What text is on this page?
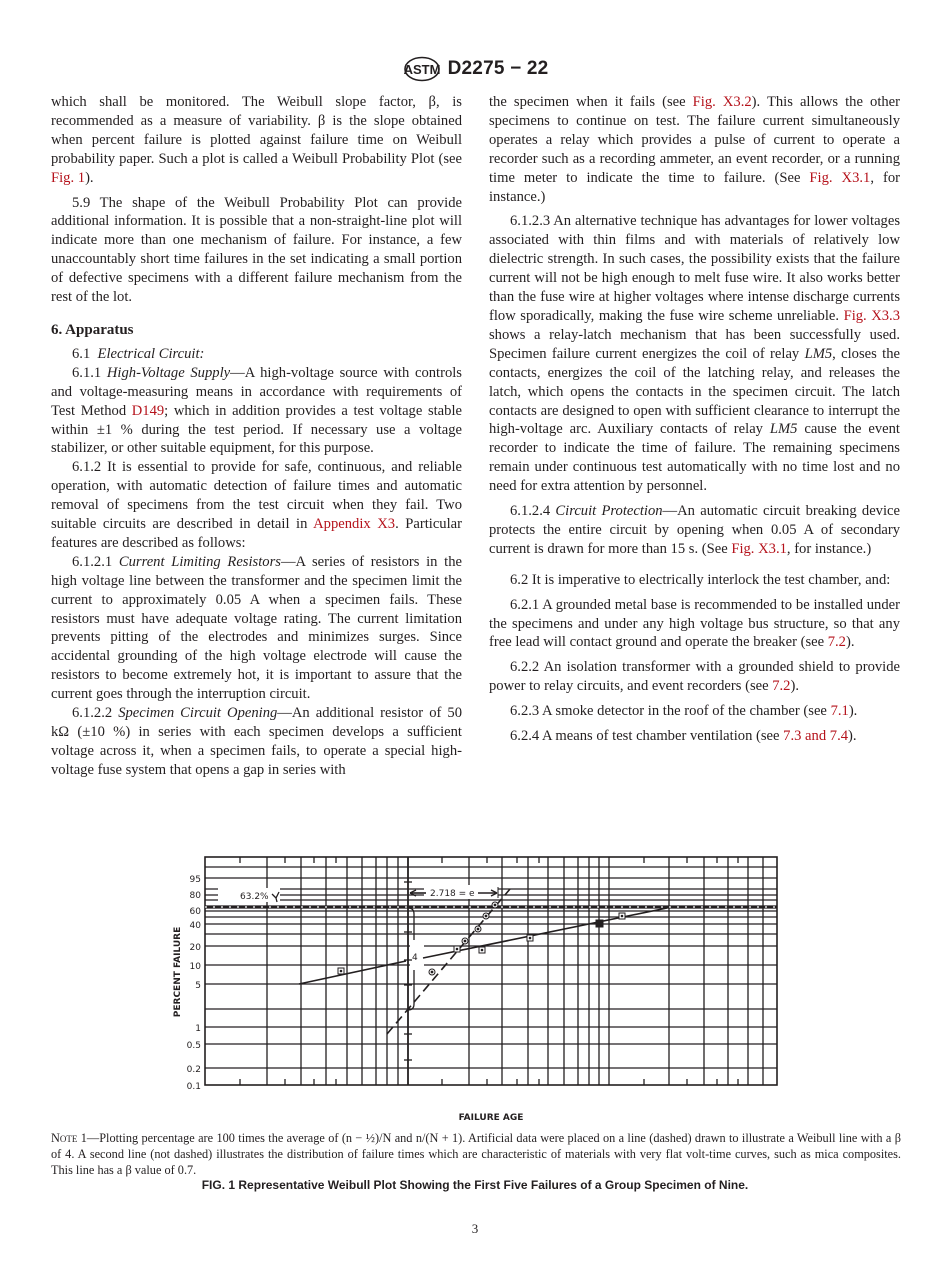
ASTM D2275 − 22

which shall be monitored. The Weibull slope factor, β, is recommended as a measure of variability. β is the slope obtained when percent failure is plotted against failure time on Weibull probability paper. Such a plot is called a Weibull Probability Plot (see Fig. 1).

5.9 The shape of the Weibull Probability Plot can provide additional information. It is possible that a non-straight-line plot will indicate more than one mechanism of failure. For instance, a few unaccountably short time failures in the set indicating a small portion of defective specimens with a different failure mechanism from the rest of the lot.

6. Apparatus

6.1 Electrical Circuit:

6.1.1 High-Voltage Supply—A high-voltage source with controls and voltage-measuring means in accordance with requirements of Test Method D149; which in addition provides a test voltage stable within ±1 % during the test period. If necessary use a voltage stabilizer, or other suitable equipment, for this purpose.

6.1.2 It is essential to provide for safe, continuous, and reliable operation, with automatic detection of failure times and automatic removal of specimens from the test circuit when they fail. Two suitable circuits are described in detail in Appendix X3. Particular features are described as follows:

6.1.2.1 Current Limiting Resistors—A series of resistors in the high voltage line between the transformer and the specimen limit the current to approximately 0.05 A when a specimen fails. These resistors must have adequate voltage rating. The current limitation prevents pitting of the electrodes and minimizes surges. Since accidental grounding of the high voltage electrode will cause the resistors to become extremely hot, it is important to assure that the current goes through the interruption circuit.

6.1.2.2 Specimen Circuit Opening—An additional resistor of 50 kΩ (±10 %) in series with each specimen develops a sufficient voltage across it, when a specimen fails, to operate a special high-voltage fuse system that opens a gap in series with

the specimen when it fails (see Fig. X3.2). This allows the other specimens to continue on test. The failure current simultaneously operates a relay which provides a pulse of current to operate a recorder such as a recording ammeter, an event recorder, or a running time meter to indicate the time to failure. (See Fig. X3.1, for instance.)

6.1.2.3 An alternative technique has advantages for lower voltages associated with thin films and with materials of relatively low dielectric strength. In such cases, the possibility exists that the failure current will not be high enough to melt fuse wire. It also works better than the fuse wire at higher voltages where intense discharge currents flow sporadically, making the fuse wire scheme unreliable. Fig. X3.3 shows a relay-latch mechanism that has been successfully used. Specimen failure current energizes the coil of relay LM5, closes the contacts, energizes the coil of the latching relay, and releases the latch, which opens the contacts in the specimen circuit. The latch contacts are designed to open with sufficient clearance to interrupt the high-voltage arc. Auxiliary contacts of relay LM5 cause the event recorder to indicate the time of failure. The remaining specimens remain under continuous test automatically with no time lost and no need for extra attention by personnel.

6.1.2.4 Circuit Protection—An automatic circuit breaking device protects the entire circuit by opening when 0.05 A of secondary current is drawn for more than 15 s. (See Fig. X3.1, for instance.)

6.2 It is imperative to electrically interlock the test chamber, and:

6.2.1 A grounded metal base is recommended to be installed under the specimens and under any high voltage bus structure, so that any free lead will contact ground and operate the breaker (see 7.2).

6.2.2 An isolation transformer with a grounded shield to provide power to relay circuits, and event recorders (see 7.2).

6.2.3 A smoke detector in the roof of the chamber (see 7.1).

6.2.4 A means of test chamber ventilation (see 7.3 and 7.4).

95
80
60
40
20
10
5
1
0.5
0.2
0.1
PERCENT FAILURE
FAILURE AGE
63.2%	2.718 = e
4
Note 1—Plotting percentage are 100 times the average of (n − ½)/N and n/(N + 1). Artificial data were placed on a line (dashed) drawn to illustrate a Weibull line with a β of 4. A second line (not dashed) illustrates the distribution of failure times which are characteristic of materials with very flat volt-time curves, such as mica composites. This line has a β value of 0.7.
FIG. 1 Representative Weibull Plot Showing the First Five Failures of a Group Specimen of Nine.
3
